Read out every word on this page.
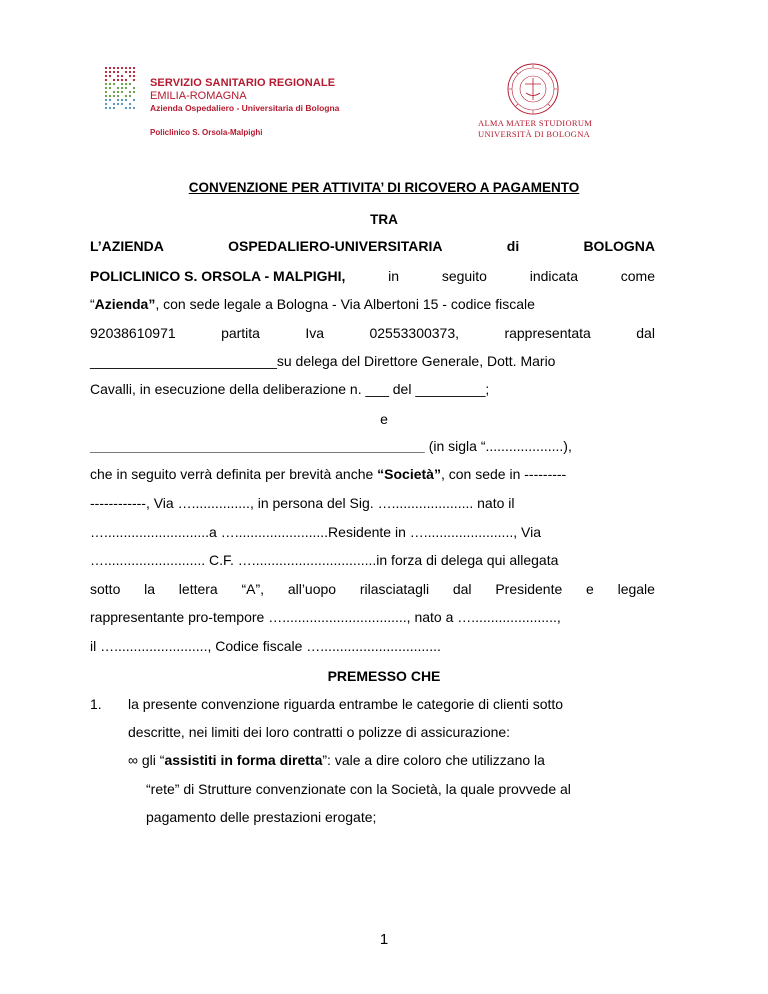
SERVIZIO SANITARIO REGIONALE
EMILIA-ROMAGNA
Azienda Ospedaliero - Universitaria di Bologna
Policlinico S. Orsola-Malpighi
ALMA MATER STUDIORUM
UNIVERSITÀ DI BOLOGNA
CONVENZIONE PER ATTIVITA’ DI RICOVERO A PAGAMENTO
TRA
L’AZIENDA	OSPEDALIERO-UNIVERSITARIA	di	BOLOGNA
POLICLINICO S. ORSOLA - MALPIGHI,	in	seguito	indicata	come
“Azienda”, con sede legale a Bologna - Via Albertoni 15 - codice fiscale
92038610971	partita	Iva	02553300373,	rappresentata	dal
________________________su delega del Direttore Generale, Dott. Mario
Cavalli, in esecuzione della deliberazione n. ___ del _________;
e
___________________________________________ (in sigla “....................),
che in seguito verrà definita per brevità anche “Società”, con sede in ---------
------------, Via …..............., in persona del Sig. …..................... nato il
…...........................a …........................Residente in …......................., Via
….......................... C.F. …................................in forza di delega qui allegata
sotto la lettera “A”, all’uopo rilasciatagli dal Presidente e legale
rappresentante pro-tempore …................................, nato a …......................,
il …........................, Codice fiscale …...............................
PREMESSO CHE
1. la presente convenzione riguarda entrambe le categorie di clienti sotto
descritte, nei limiti dei loro contratti o polizze di assicurazione:
∞ gli “assistiti in forma diretta”: vale a dire coloro che utilizzano la
“rete” di Strutture convenzionate con la Società, la quale provvede al
pagamento delle prestazioni erogate;
1
